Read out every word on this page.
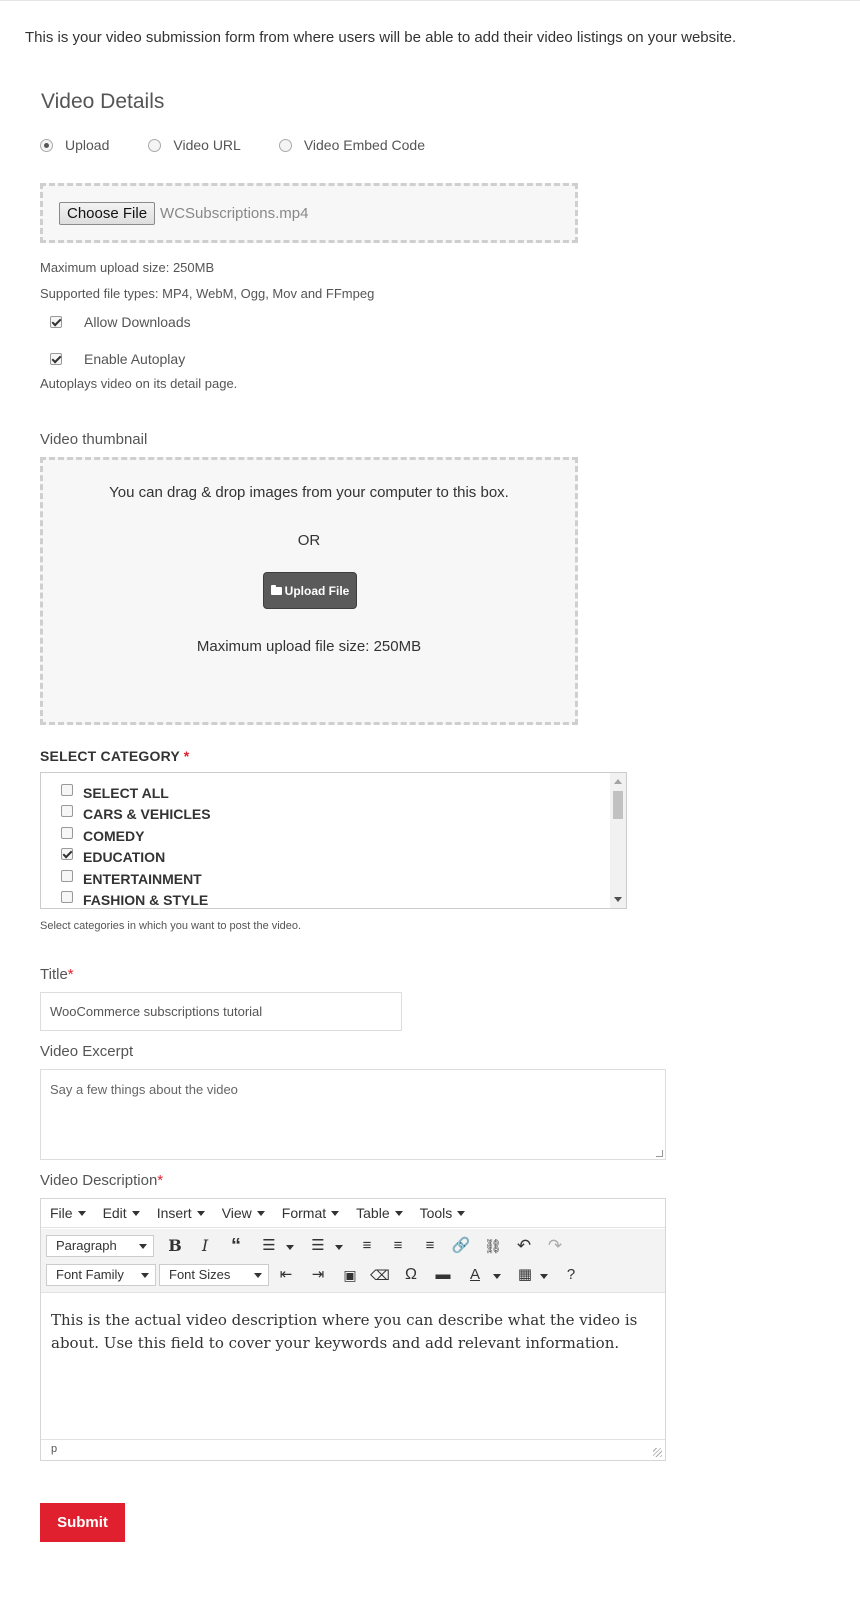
This is your video submission form from where users will be able to add their video listings on your website.
Video Details
Upload	Video URL	Video Embed Code
Choose File WCSubscriptions.mp4
Maximum upload size: 250MB
Supported file types: MP4, WebM, Ogg, Mov and FFmpeg
Allow Downloads
Enable Autoplay
Autoplays video on its detail page.
Video thumbnail
You can drag & drop images from your computer to this box.
OR
Upload File
Maximum upload file size: 250MB
SELECT CATEGORY *
SELECT ALL
CARS & VEHICLES
COMEDY
EDUCATION
ENTERTAINMENT
FASHION & STYLE
Select categories in which you want to post the video.
Title*
WooCommerce subscriptions tutorial
Video Excerpt
Say a few things about the video
Video Description*
File Edit Insert View Format Table Tools
Paragraph	B	I	“	☰ ☰	≡	≡	≡	🔗 ⛓ ↶ ↷
Font Family	Font Sizes	⇤	⇥	▣ ⌫ Ω	▬	A	▦	?
This is the actual video description where you can describe what the video is about. Use this field to cover your keywords and add relevant information.
p
Submit
